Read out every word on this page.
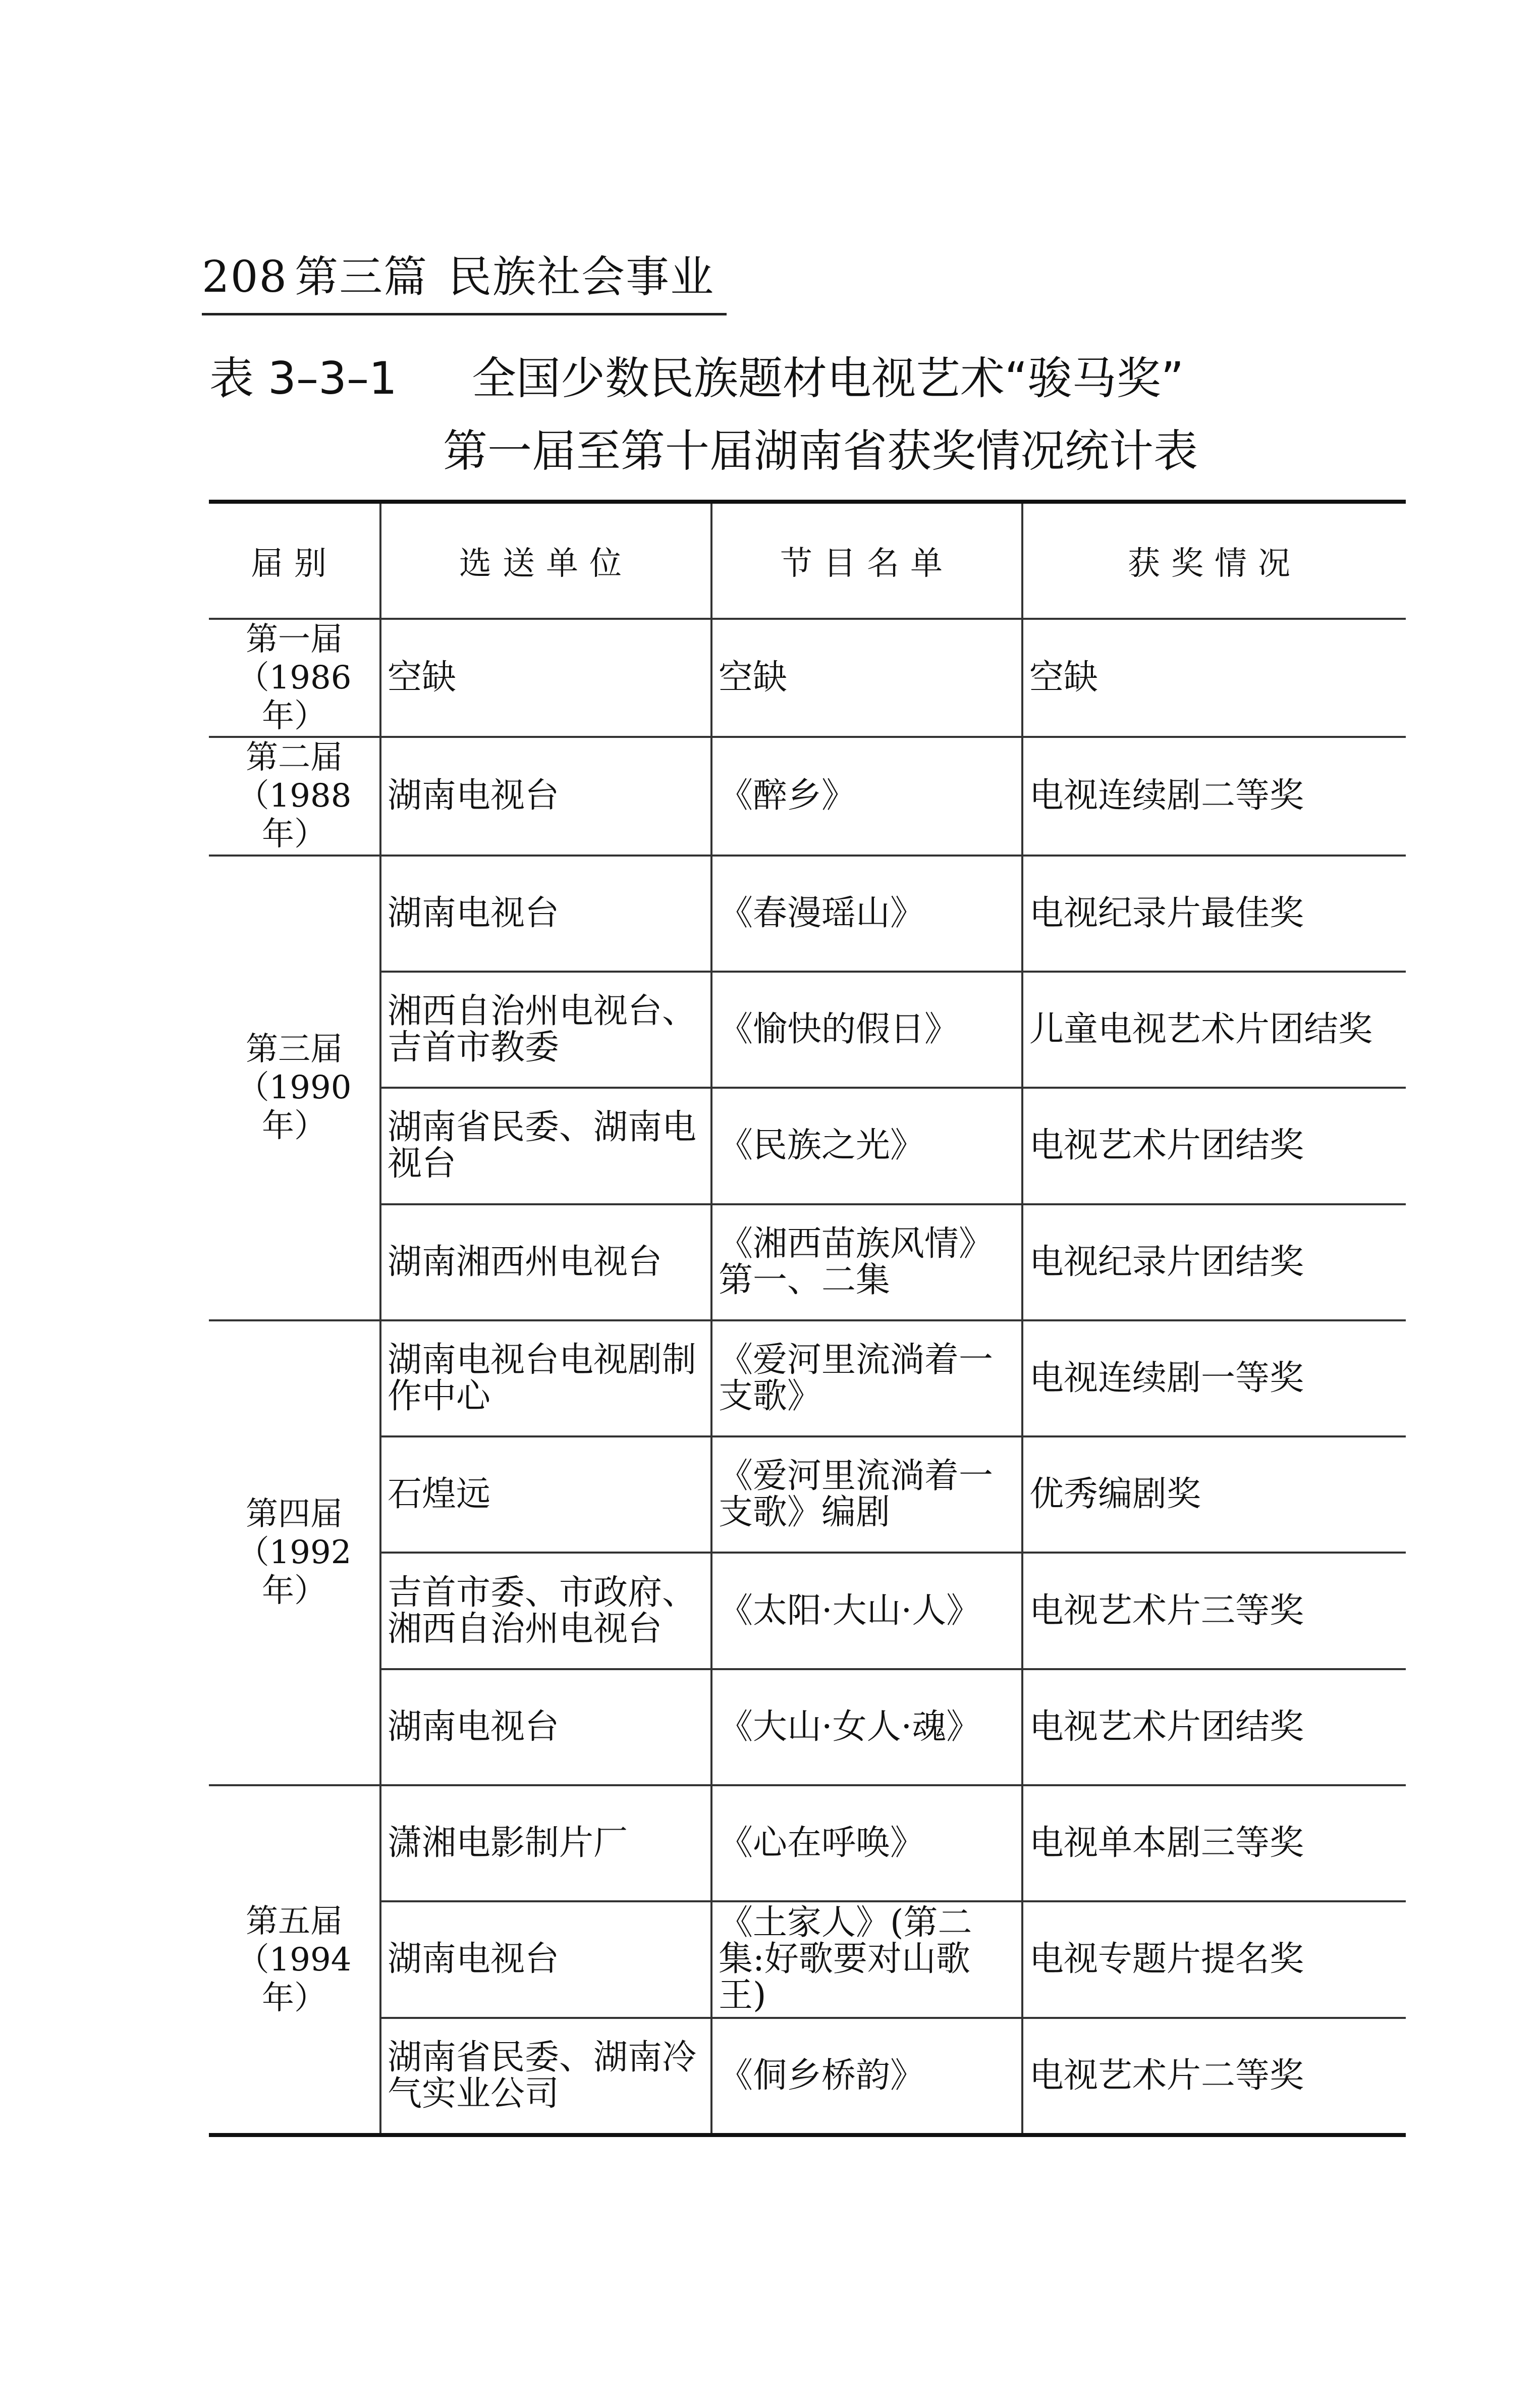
208 第三篇 民族社会事业
表 3–3–1 全国少数民族题材电视艺术“骏马奖”
第一届至第十届湖南省获奖情况统计表
届别	选送单位	节目名单	获奖情况

第一届
（1986 年）	空缺	空缺	空缺

第二届
（1988 年）	湖南电视台	《醉乡》	电视连续剧二等奖

第三届
（1990 年）	湖南电视台	《春漫瑶山》	电视纪录片最佳奖
	湘西自治州电视台、吉首市教委	《愉快的假日》	儿童电视艺术片团结奖
	湖南省民委、湖南电视台	《民族之光》	电视艺术片团结奖
	湖南湘西州电视台	《湘西苗族风情》第一、二集	电视纪录片团结奖

第四届
（1992 年）	湖南电视台电视剧制作中心	《爱河里流淌着一支歌》	电视连续剧一等奖
	石煌远	《爱河里流淌着一支歌》编剧	优秀编剧奖
	吉首市委、市政府、湘西自治州电视台	《太阳·大山·人》	电视艺术片三等奖
	湖南电视台	《大山·女人·魂》	电视艺术片团结奖

第五届
（1994 年）	潇湘电影制片厂	《心在呼唤》	电视单本剧三等奖
	湖南电视台	《土家人》(第二集:好歌要对山歌王)	电视专题片提名奖
	湖南省民委、湖南冷气实业公司	《侗乡桥韵》	电视艺术片二等奖
